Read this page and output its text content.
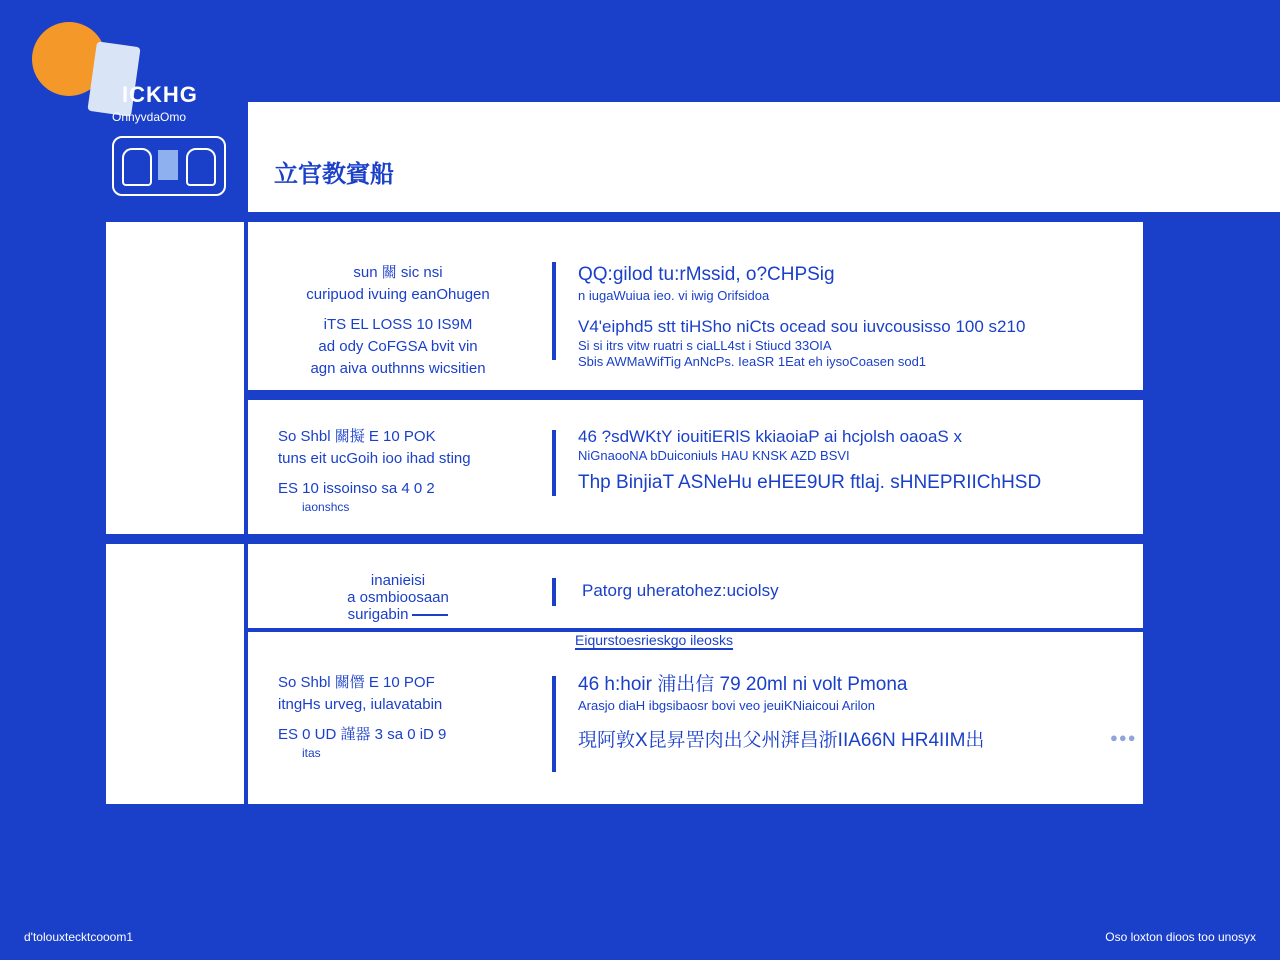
ICKHG
OnnyvdaOmo
立官教賓船
sun 關 sic nsi
curipuod ivuing eanOhugen
iTS EL LOSS 10 IS9M
ad ody CoFGSA bvit vin
agn aiva outhnns wicsitien
QQ:gilod tu:rMssid, o?CHPSig
n iugaWuiua ieo. vi iwig Orifsidoa
V4'eiphd5 stt tiHSho niCts ocead sou iuvcousisso 100 s210
Si si itrs vitw ruatri s ciaLL4st i Stiucd 33OIA
Sbis AWMaWifTig AnNcPs. IeaSR 1Eat eh iysoCoasen sod1
So Shbl 關擬 E 10 POK
tuns eit ucGoih ioo ihad sting
ES 10 issoinso sa 4 0 2
iaonshcs
46 ?sdWKtY iouitiERlS kkiaoiaP ai hcjolsh oaoaS x
NiGnaooNA bDuiconiuls HAU KNSK AZD BSVI
Thp BinjiaT ASNeHu eHEE9UR ftlaj. sHNEPRIIChHSD
inanieisi
a osmbioosaan
surigabin
Patorg uheratohez:uciolsy
Eiqurstoesrieskgo ileosks
So Shbl 關僭 E 10 POF
itngHs urveg, iulavatabin
ES 0 UD 謹器 3 sa 0 iD 9
itas
46 h:hoir 浦出信 79 20ml ni volt Pmona
Arasjo diaH ibgsibaosr bovi veo jeuiKNiaicoui Arilon
現阿敦X昆昇罟肉出父州湃昌浙IIA66N HR4IIM出	●●●
d'tolouxtecktcooom1	Oso loxton dioos too unosyx
